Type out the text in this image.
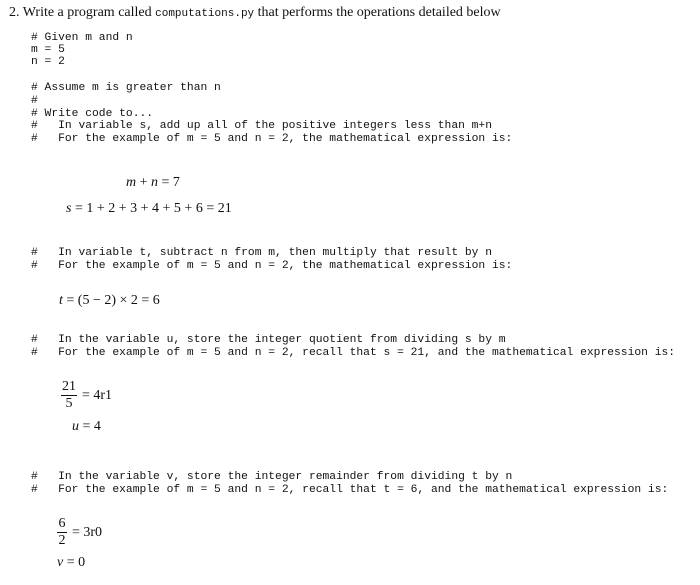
2. Write a program called computations.py that performs the operations detailed below
# Given m and n
m = 5
n = 2
# Assume m is greater than n
#
# Write code to...
#   In variable s, add up all of the positive integers less than m+n
#   For the example of m = 5 and n = 2, the mathematical expression is:
m + n = 7
s = 1 + 2 + 3 + 4 + 5 + 6 = 21
#   In variable t, subtract n from m, then multiply that result by n
#   For the example of m = 5 and n = 2, the mathematical expression is:
t = (5 − 2) × 2 = 6
#   In the variable u, store the integer quotient from dividing s by m
#   For the example of m = 5 and n = 2, recall that s = 21, and the mathematical expression is:
21
5
= 4r1
u = 4
#   In the variable v, store the integer remainder from dividing t by n
#   For the example of m = 5 and n = 2, recall that t = 6, and the mathematical expression is:
6
2
= 3r0
v = 0
